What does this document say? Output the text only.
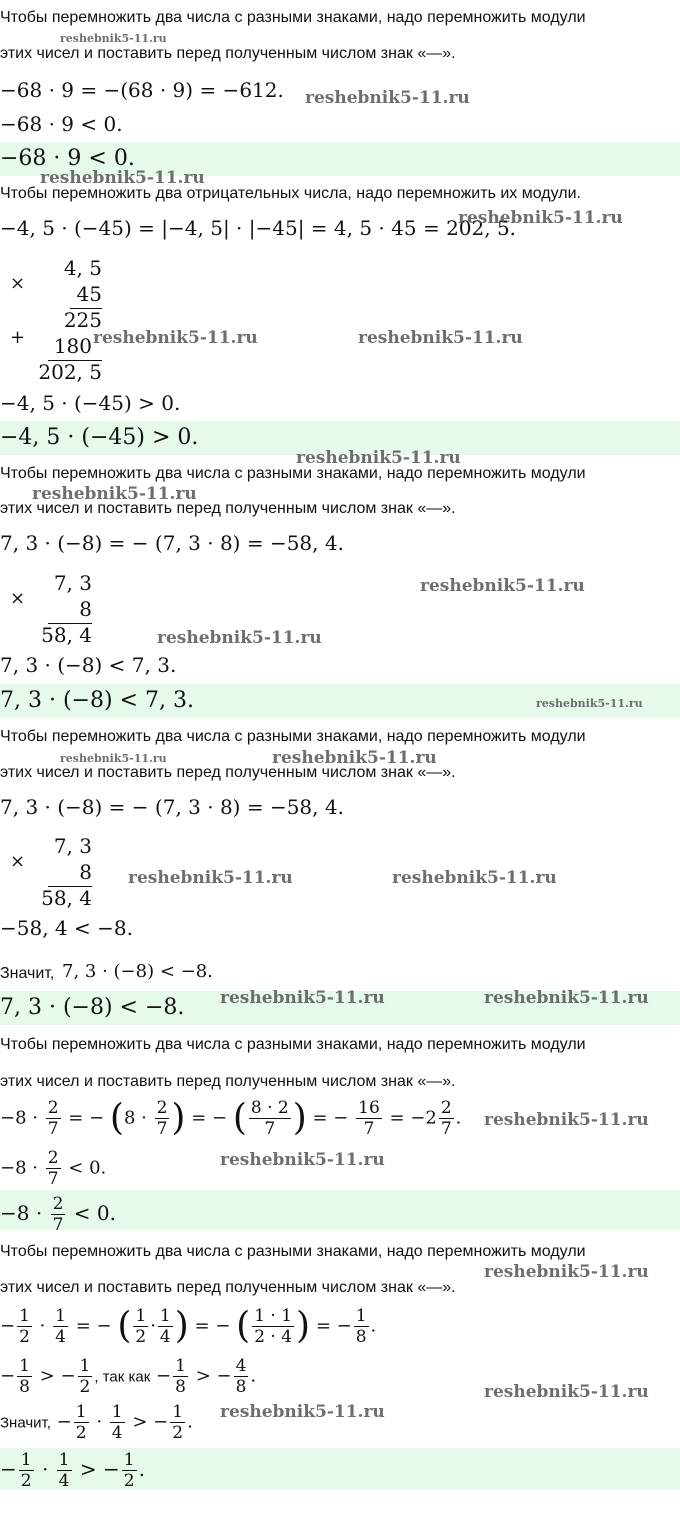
Чтобы перемножить два числа с разными знаками, надо перемножить модули
reshebnik5-11.ru
этих чисел и поставить перед полученным числом знак «—».
−68 · 9 = −(68 · 9) = −612. reshebnik5-11.ru
−68 · 9 < 0.
−68 · 9 < 0.
reshebnik5-11.ru
Чтобы перемножить два отрицательных числа, надо перемножить их модули.
−4, 5 · (−45) = |−4, 5| · |−45| = 4, 5 · 45 = 202, 5.
reshebnik5-11.ru
×
4, 5
45
225
+	180 reshebnik5-11.ru	reshebnik5-11.ru
202, 5
−4, 5 · (−45) > 0.
−4, 5 · (−45) > 0.
reshebnik5-11.ru
Чтобы перемножить два числа с разными знаками, надо перемножить модули
reshebnik5-11.ru
этих чисел и поставить перед полученным числом знак «—».
7, 3 · (−8) = − (7, 3 · 8) = −58, 4.
7, 3	reshebnik5-11.ru
×	8
58, 4	reshebnik5-11.ru
7, 3 · (−8) < 7, 3.
7, 3 · (−8) < 7, 3.	reshebnik5-11.ru
Чтобы перемножить два числа с разными знаками, надо перемножить модули
reshebnik5-11.ru	reshebnik5-11.ru
этих чисел и поставить перед полученным числом знак «—».
7, 3 · (−8) = − (7, 3 · 8) = −58, 4.
7, 3
×	8 reshebnik5-11.ru	reshebnik5-11.ru
58, 4
−58, 4 < −8.
Значит, 7, 3 · (−8) < −8.
7, 3 · (−8) < −8. reshebnik5-11.ru	reshebnik5-11.ru
Чтобы перемножить два числа с разными знаками, надо перемножить модули
этих чисел и поставить перед полученным числом знак «—».
$-8 \cdot \frac{2}{7}$ = − ($8 \cdot \frac{2}{7}$ ) = − ( $\frac{8 \cdot 2}{7}$ ) = − $\frac{16}{7} = -2 \frac{2}{7}$ . reshebnik5-11.ru
$-8 \cdot \frac{2}{7} < 0$.	reshebnik5-11.ru
$-8 \cdot \frac{2}{7} < 0$.
Чтобы перемножить два числа с разными знаками, надо перемножить модули
reshebnik5-11.ru
этих чисел и поставить перед полученным числом знак «—».
− $\frac{1}{2} \cdot \frac{1}{4}$ = − ( $\frac{1}{2} \cdot \frac{1}{4}$ ) = − ( $\frac{1 \cdot 1}{2 \cdot 4}$ ) = − $\frac{1}{8}$ .
− $\frac{1}{8}$ > − $\frac{1}{2}$ , так как − $\frac{1}{8}$ > − $\frac{4}{8}$ .
reshebnik5-11.ru
Значит, − $\frac{1}{2} \cdot \frac{1}{4}$ > − $\frac{1}{2}$ . reshebnik5-11.ru
− $\frac{1}{2} \cdot \frac{1}{4}$ > − $\frac{1}{2}$ .
